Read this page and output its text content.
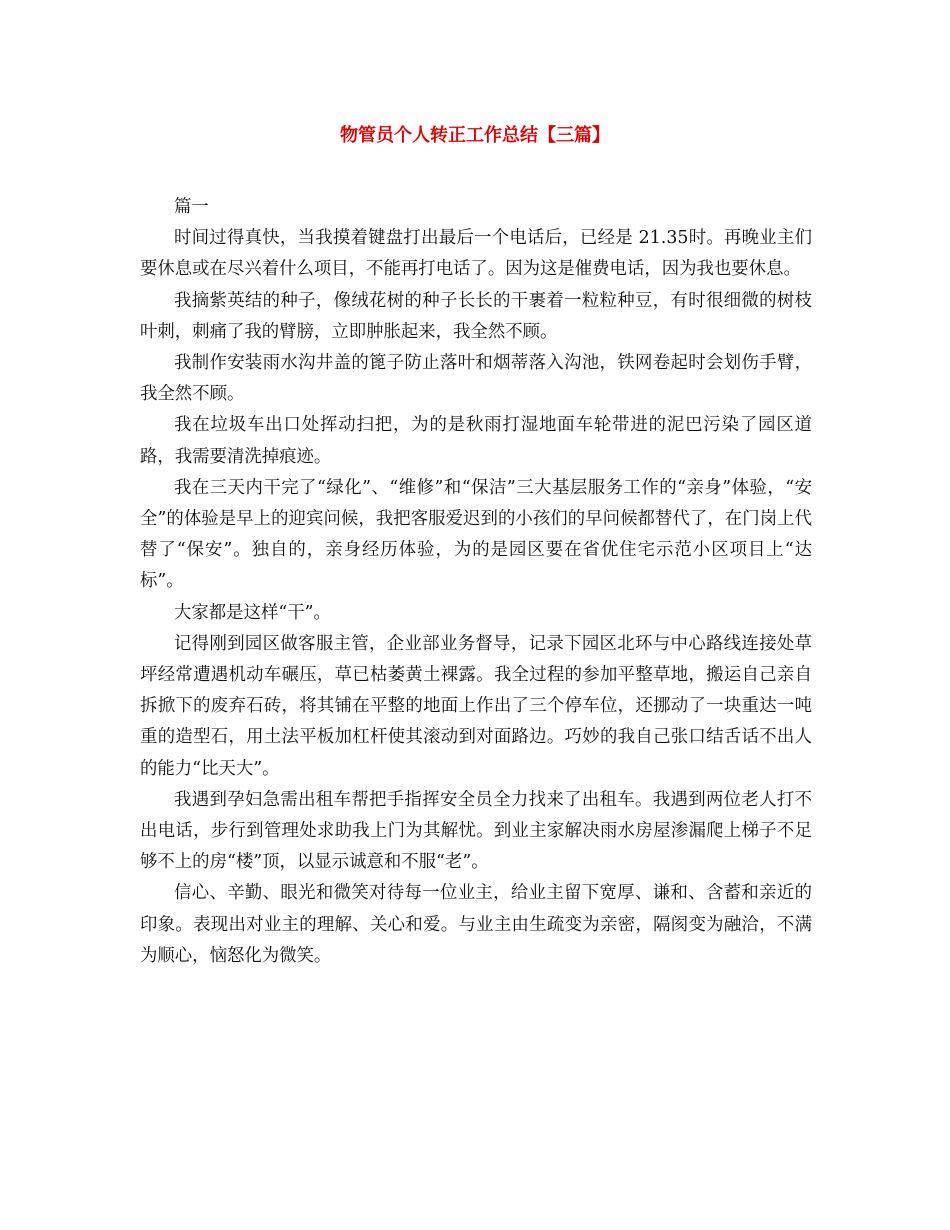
物管员个人转正工作总结【三篇】

篇一

时间过得真快，当我摸着键盘打出最后一个电话后，已经是 21.35时。再晚业主们要休息或在尽兴着什么项目，不能再打电话了。因为这是催费电话，因为我也要休息。

我摘紫英结的种子，像绒花树的种子长长的干裹着一粒粒种豆，有时很细微的树枝叶刺，刺痛了我的臂膀，立即肿胀起来，我全然不顾。

我制作安装雨水沟井盖的篦子防止落叶和烟蒂落入沟池，铁网卷起时会划伤手臂，我全然不顾。

我在垃圾车出口处挥动扫把，为的是秋雨打湿地面车轮带进的泥巴污染了园区道路，我需要清洗掉痕迹。

我在三天内干完了“绿化”、“维修”和“保洁”三大基层服务工作的“亲身”体验，“安全”的体验是早上的迎宾问候，我把客服爱迟到的小孩们的早问候都替代了，在门岗上代替了“保安”。独自的，亲身经历体验，为的是园区要在省优住宅示范小区项目上“达标”。

大家都是这样“干”。

记得刚到园区做客服主管，企业部业务督导，记录下园区北环与中心路线连接处草坪经常遭遇机动车碾压，草已枯萎黄土裸露。我全过程的参加平整草地，搬运自己亲自拆掀下的废弃石砖，将其铺在平整的地面上作出了三个停车位，还挪动了一块重达一吨重的造型石，用土法平板加杠杆使其滚动到对面路边。巧妙的我自己张口结舌话不出人的能力“比天大”。

我遇到孕妇急需出租车帮把手指挥安全员全力找来了出租车。我遇到两位老人打不出电话，步行到管理处求助我上门为其解忧。到业主家解决雨水房屋渗漏爬上梯子不足够不上的房“楼”顶，以显示诚意和不服“老”。

信心、辛勤、眼光和微笑对待每一位业主，给业主留下宽厚、谦和、含蓄和亲近的印象。表现出对业主的理解、关心和爱。与业主由生疏变为亲密，隔阂变为融洽，不满为顺心，恼怒化为微笑。
